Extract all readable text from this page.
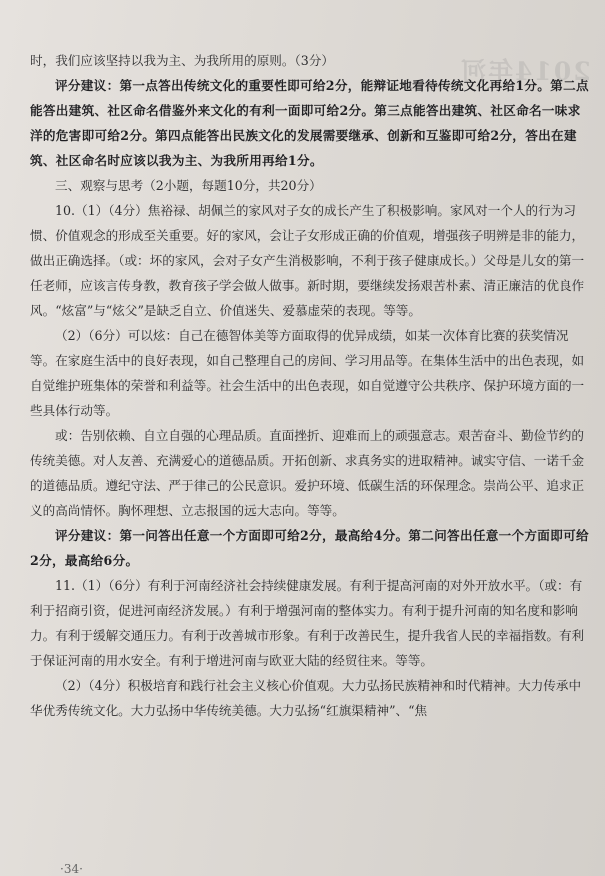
2014年河

时，我们应该坚持以我为主、为我所用的原则。（3分）

评分建议：第一点答出传统文化的重要性即可给2分，能辩证地看待传统文化再给1分。第二点能答出建筑、社区命名借鉴外来文化的有利一面即可给2分。第三点能答出建筑、社区命名一味求洋的危害即可给2分。第四点能答出民族文化的发展需要继承、创新和互鉴即可给2分，答出在建筑、社区命名时应该以我为主、为我所用再给1分。

三、观察与思考（2小题，每题10分，共20分）

10.（1）（4分）焦裕禄、胡佩兰的家风对子女的成长产生了积极影响。家风对一个人的行为习惯、价值观念的形成至关重要。好的家风，会让子女形成正确的价值观，增强孩子明辨是非的能力，做出正确选择。（或：坏的家风，会对子女产生消极影响，不利于孩子健康成长。）父母是儿女的第一任老师，应该言传身教，教育孩子学会做人做事。新时期，要继续发扬艰苦朴素、清正廉洁的优良作风。“炫富”与“炫父”是缺乏自立、价值迷失、爱慕虚荣的表现。等等。

（2）（6分）可以炫：自己在德智体美等方面取得的优异成绩，如某一次体育比赛的获奖情况等。在家庭生活中的良好表现，如自己整理自己的房间、学习用品等。在集体生活中的出色表现，如自觉维护班集体的荣誉和利益等。社会生活中的出色表现，如自觉遵守公共秩序、保护环境方面的一些具体行动等。

或：告别依赖、自立自强的心理品质。直面挫折、迎难而上的顽强意志。艰苦奋斗、勤俭节约的传统美德。对人友善、充满爱心的道德品质。开拓创新、求真务实的进取精神。诚实守信、一诺千金的道德品质。遵纪守法、严于律己的公民意识。爱护环境、低碳生活的环保理念。崇尚公平、追求正义的高尚情怀。胸怀理想、立志报国的远大志向。等等。

评分建议：第一问答出任意一个方面即可给2分，最高给4分。第二问答出任意一个方面即可给2分，最高给6分。

11.（1）（6分）有利于河南经济社会持续健康发展。有利于提高河南的对外开放水平。（或：有利于招商引资，促进河南经济发展。）有利于增强河南的整体实力。有利于提升河南的知名度和影响力。有利于缓解交通压力。有利于改善城市形象。有利于改善民生，提升我省人民的幸福指数。有利于保证河南的用水安全。有利于增进河南与欧亚大陆的经贸往来。等等。

（2）（4分）积极培育和践行社会主义核心价值观。大力弘扬民族精神和时代精神。大力传承中华优秀传统文化。大力弘扬中华传统美德。大力弘扬“红旗渠精神”、“焦

·34·
